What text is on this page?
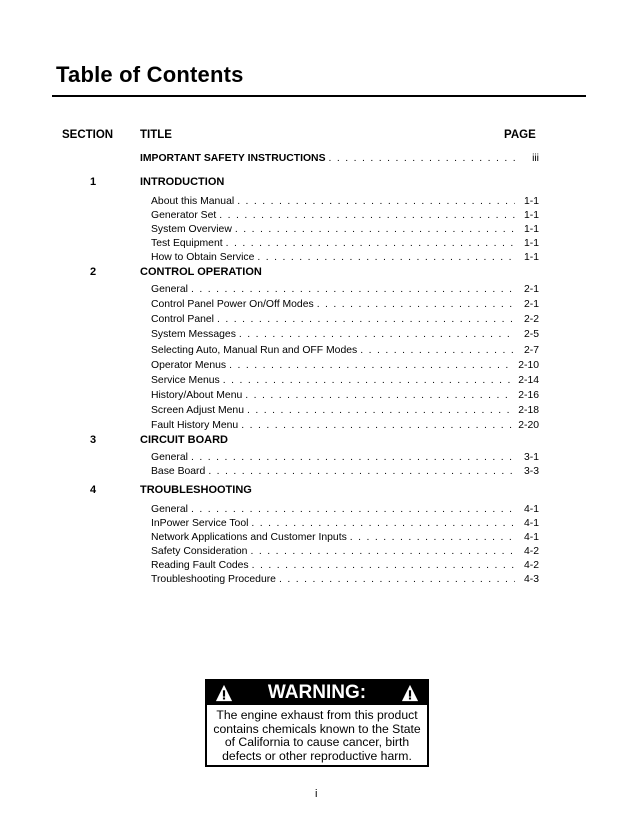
Table of Contents
SECTION TITLE	PAGE
IMPORTANT SAFETY INSTRUCTIONS . . .	iii
1	INTRODUCTION
About this Manual . . .	1-1
Generator Set . . .	1-1
System Overview . . .	1-1
Test Equipment . . .	1-1
How to Obtain Service . . .	1-1
2	CONTROL OPERATION
General . . .	2-1
Control Panel Power On/Off Modes . . .	2-1
Control Panel . . .	2-2
System Messages . . .	2-5
Selecting Auto, Manual Run and OFF Modes . . .	2-7
Operator Menus . . .	2-10
Service Menus . . .	2-14
History/About Menu . . .	2-16
Screen Adjust Menu . . .	2-18
Fault History Menu . . .	2-20
3	CIRCUIT BOARD
General . . .	3-1
Base Board . . .	3-3
4	TROUBLESHOOTING
General . . .	4-1
InPower Service Tool . . .	4-1
Network Applications and Customer Inputs . . .	4-1
Safety Consideration . . .	4-2
Reading Fault Codes . . .	4-2
Troubleshooting Procedure . . .	4-3
WARNING:
The engine exhaust from this product
contains chemicals known to the State
of California to cause cancer, birth
defects or other reproductive harm.
i
